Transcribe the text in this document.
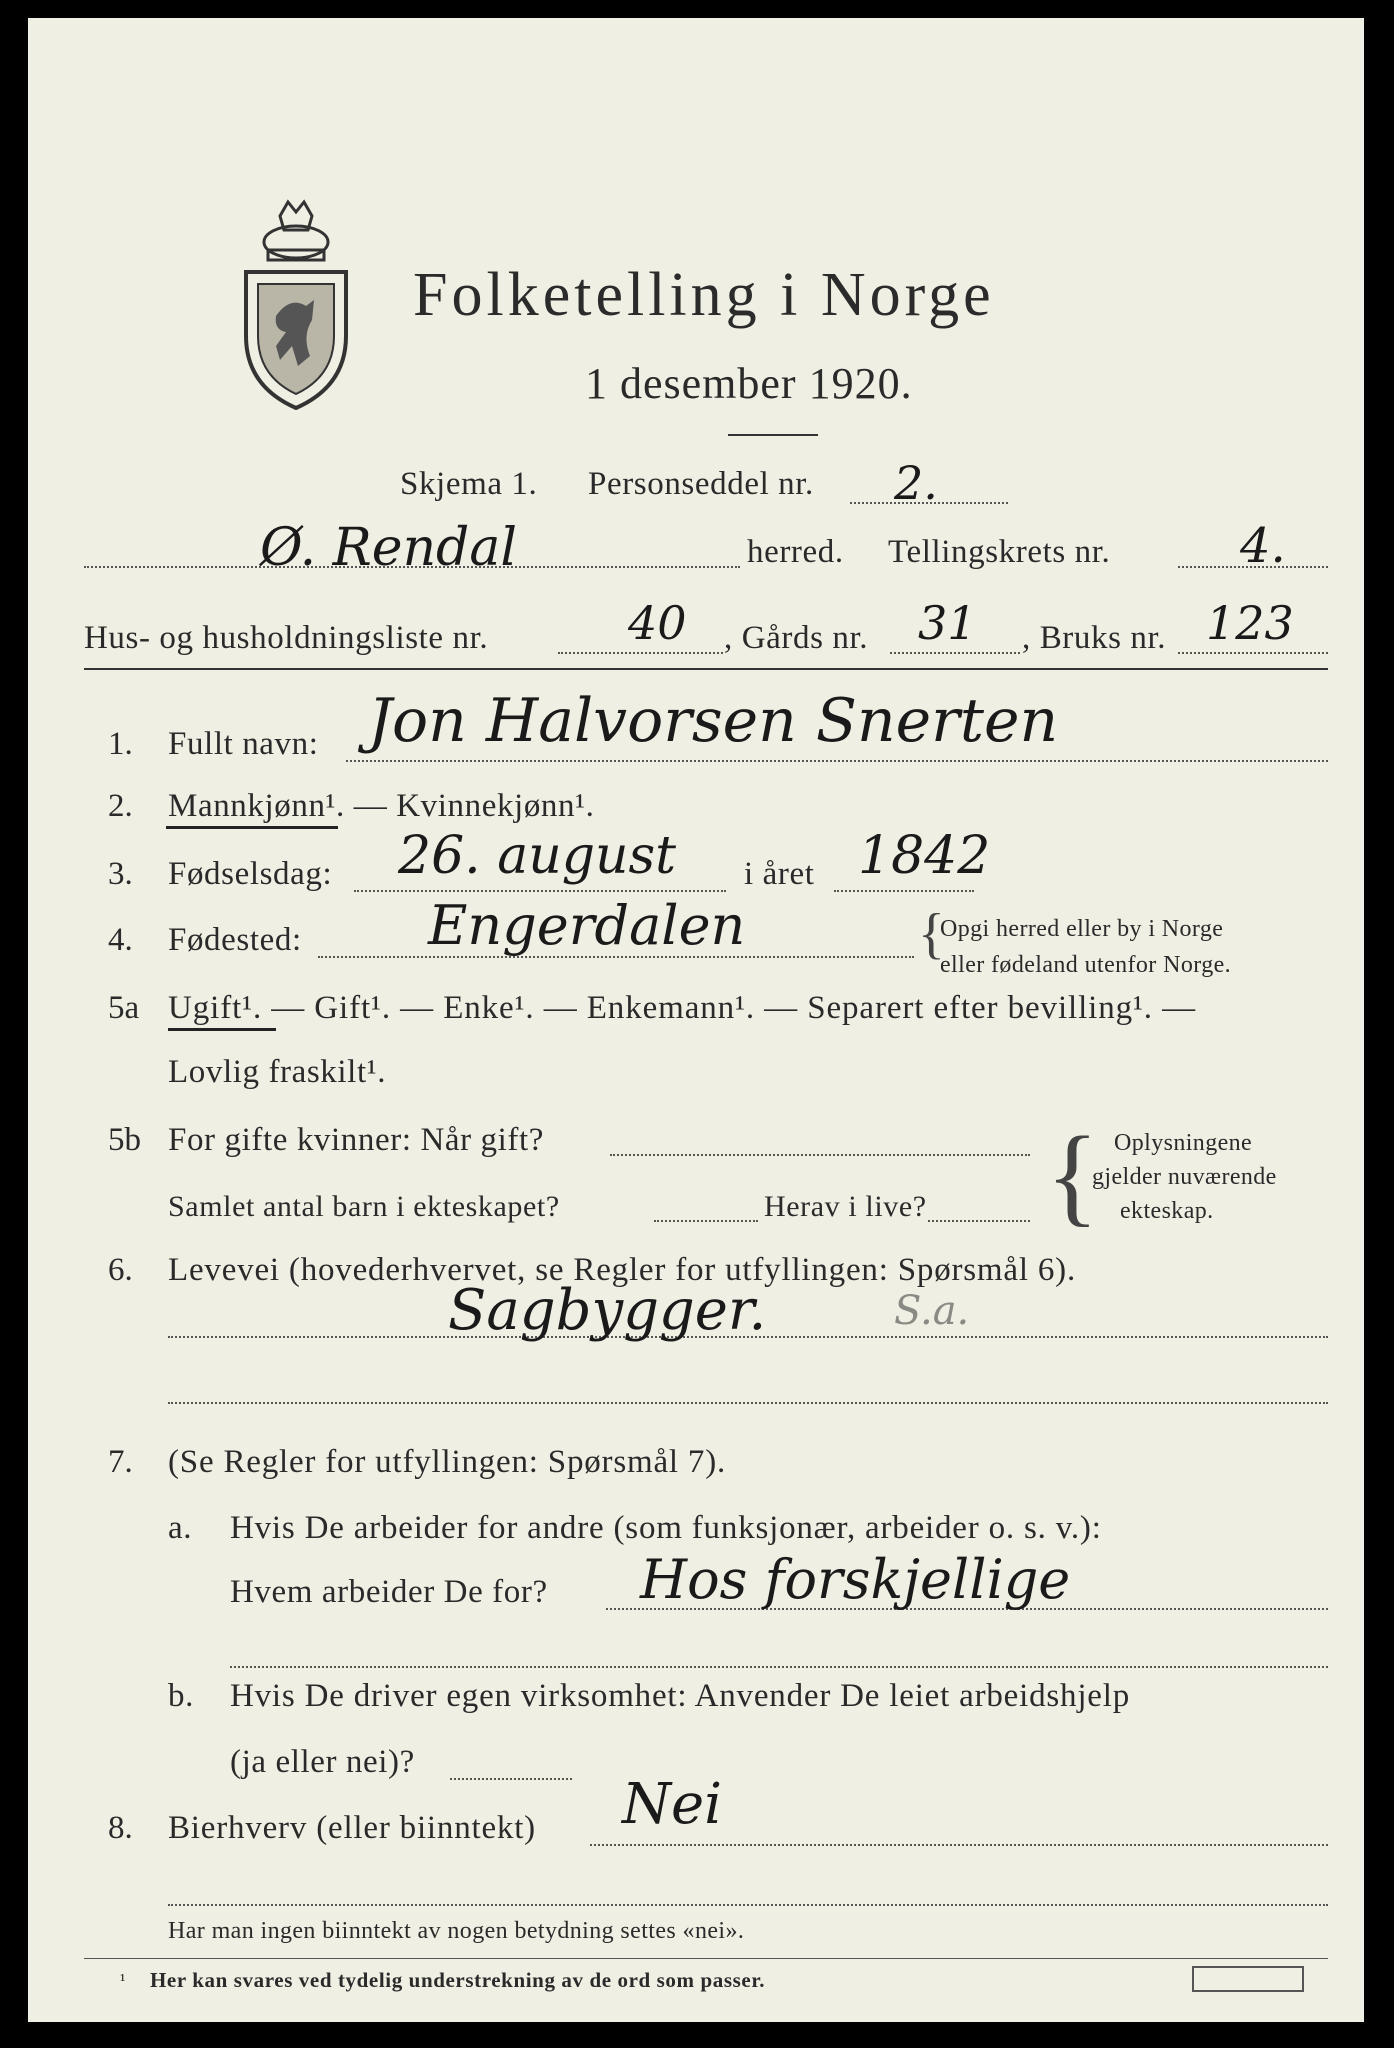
Folketelling i Norge
1 desember 1920.
Skjema 1. Personseddel nr. 2.
Ø. Rendal	herred. Tellingskrets nr.	4.
Hus- og husholdningsliste nr.	40 , Gårds nr. 31 , Bruks nr. 123
1. Fullt navn: Jon Halvorsen Snerten
2. Mannkjønn¹. — Kvinnekjønn¹.
3. Fødselsdag: 26. august i året 1842
4. Fødested: Engerdalen	{
Opgi herred eller by i Norge
eller fødeland utenfor Norge.
5a Ugift¹. — Gift¹. — Enke¹. — Enkemann¹. — Separert efter bevilling¹. —
Lovlig fraskilt¹.
5b For gifte kvinner: Når gift?
Samlet antal barn i ekteskapet?	Herav i live? { Oplysningene
gjelder nuværende
ekteskap.
6. Levevei (hovederhvervet, se Regler for utfyllingen: Spørsmål 6).
Sagbygger.	S.a.
7. (Se Regler for utfyllingen: Spørsmål 7).
a. Hvis De arbeider for andre (som funksjonær, arbeider o. s. v.):
Hvem arbeider De for? Hos forskjellige
b. Hvis De driver egen virksomhet: Anvender De leiet arbeidshjelp
(ja eller nei)?
8. Bierhverv (eller biinntekt) Nei
Har man ingen biinntekt av nogen betydning settes «nei».
¹ Her kan svares ved tydelig understrekning av de ord som passer.
